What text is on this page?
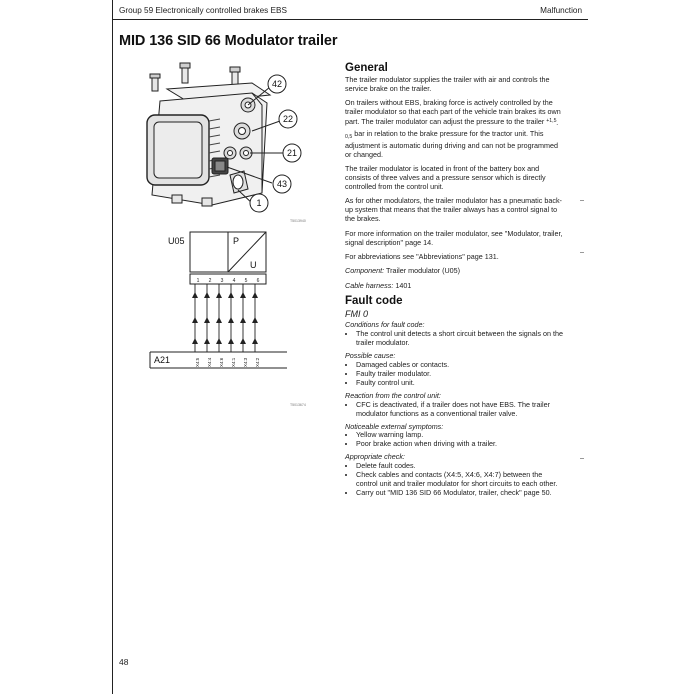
Group 59 Electronically controlled brakes EBS	Malfunction
MID 136 SID 66 Modulator trailer
42
22
21
43
1
T5013940
U05	P
U
A21
1 2 3 4 5 6
X4:5 X4:4 X4:6 X4:1 X4:3 X4:2
T5013674
General

The trailer modulator supplies the trailer with air and controls the service brake on the trailer.

On trailers without EBS, braking force is actively controlled by the trailer modulator so that each part of the vehicle train brakes its own part. The trailer modulator can adjust the pressure to the trailer $^{+1,5}_{-0,5}$ bar in relation to the brake pressure for the tractor unit. This adjustment is automatic during driving and can not be programmed or changed.

The trailer modulator is located in front of the battery box and consists of three valves and a pressure sensor which is directly controlled from the control unit.

As for other modulators, the trailer modulator has a pneumatic back-up system that means that the trailer always has a control signal to the brakes.

For more information on the trailer modulator, see "Modulator, trailer, signal description" page 14.

For abbreviations see "Abbreviations" page 131.

Component: Trailer modulator (U05)

Cable harness: 1401

Fault code
FMI 0
Conditions for fault code:
• The control unit detects a short circuit between the signals on the trailer modulator.
Possible cause:
• Damaged cables or contacts.
• Faulty trailer modulator.
• Faulty control unit.
Reaction from the control unit:
• CFC is deactivated, if a trailer does not have EBS. The trailer modulator functions as a conventional trailer valve.
Noticeable external symptoms:
• Yellow warning lamp.
• Poor brake action when driving with a trailer.
Appropriate check:
• Delete fault codes.
• Check cables and contacts (X4:5, X4:6, X4:7) between the control unit and trailer modulator for short circuits to each other.
• Carry out "MID 136 SID 66 Modulator, trailer, check" page 50.
48
